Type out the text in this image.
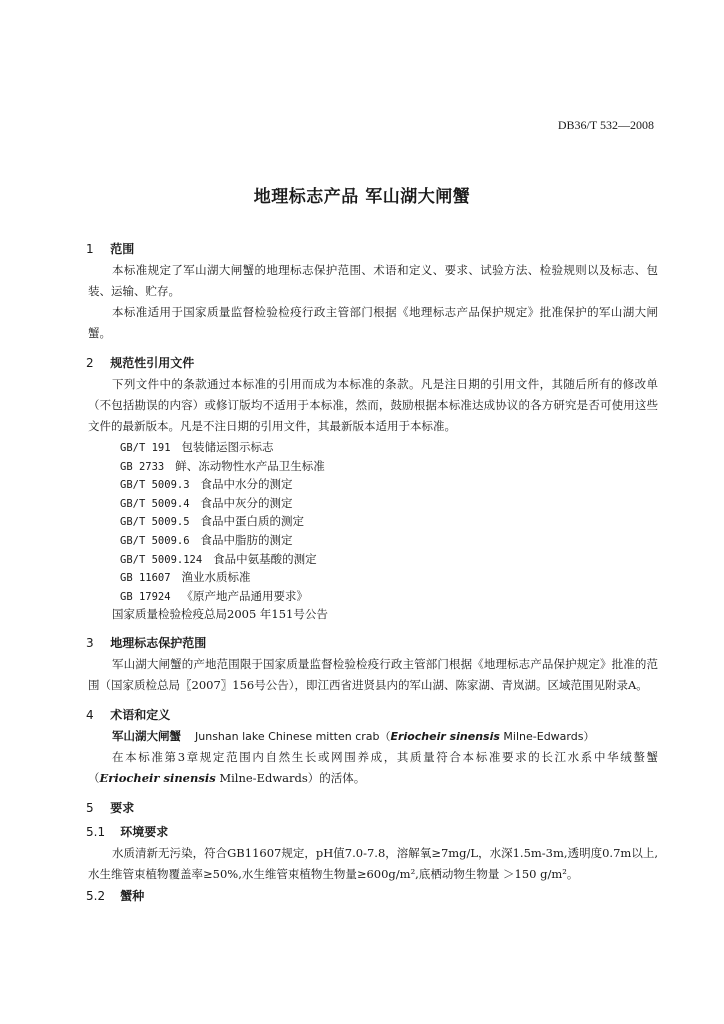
DB36/T 532—2008
地理标志产品 军山湖大闸蟹
1 范围

本标准规定了军山湖大闸蟹的地理标志保护范围、术语和定义、要求、试验方法、检验规则以及标志、包装、运输、贮存。

本标准适用于国家质量监督检验检疫行政主管部门根据《地理标志产品保护规定》批准保护的军山湖大闸蟹。

2 规范性引用文件

下列文件中的条款通过本标准的引用而成为本标准的条款。凡是注日期的引用文件，其随后所有的修改单（不包括勘误的内容）或修订版均不适用于本标准，然而，鼓励根据本标准达成协议的各方研究是否可使用这些文件的最新版本。凡是不注日期的引用文件，其最新版本适用于本标准。

GB/T 191 包装储运图示标志
GB 2733 鲜、冻动物性水产品卫生标准
GB/T 5009.3 食品中水分的测定
GB/T 5009.4 食品中灰分的测定
GB/T 5009.5 食品中蛋白质的测定
GB/T 5009.6 食品中脂肪的测定
GB/T 5009.124 食品中氨基酸的测定
GB 11607 渔业水质标准
GB 17924 《原产地产品通用要求》
国家质量检验检疫总局2005 年151号公告
3 地理标志保护范围

军山湖大闸蟹的产地范围限于国家质量监督检验检疫行政主管部门根据《地理标志产品保护规定》批准的范围（国家质检总局〖2007〗156号公告），即江西省进贤县内的军山湖、陈家湖、青岚湖。区域范围见附录A。

4 术语和定义
军山湖大闸蟹 Junshan lake Chinese mitten crab（Eriocheir sinensis Milne-Edwards）

在本标准第3章规定范围内自然生长或网围养成，其质量符合本标准要求的长江水系中华绒螯蟹（Eriocheir sinensis Milne-Edwards）的活体。

5 要求
5.1 环境要求

水质清新无污染，符合GB11607规定，pH值7.0-7.8，溶解氧≥7mg/L，水深1.5m-3m,透明度0.7m以上,水生维管束植物覆盖率≥50%,水生维管束植物生物量≥600g/m²,底栖动物生物量 ＞150 g/m²。

5.2 蟹种
